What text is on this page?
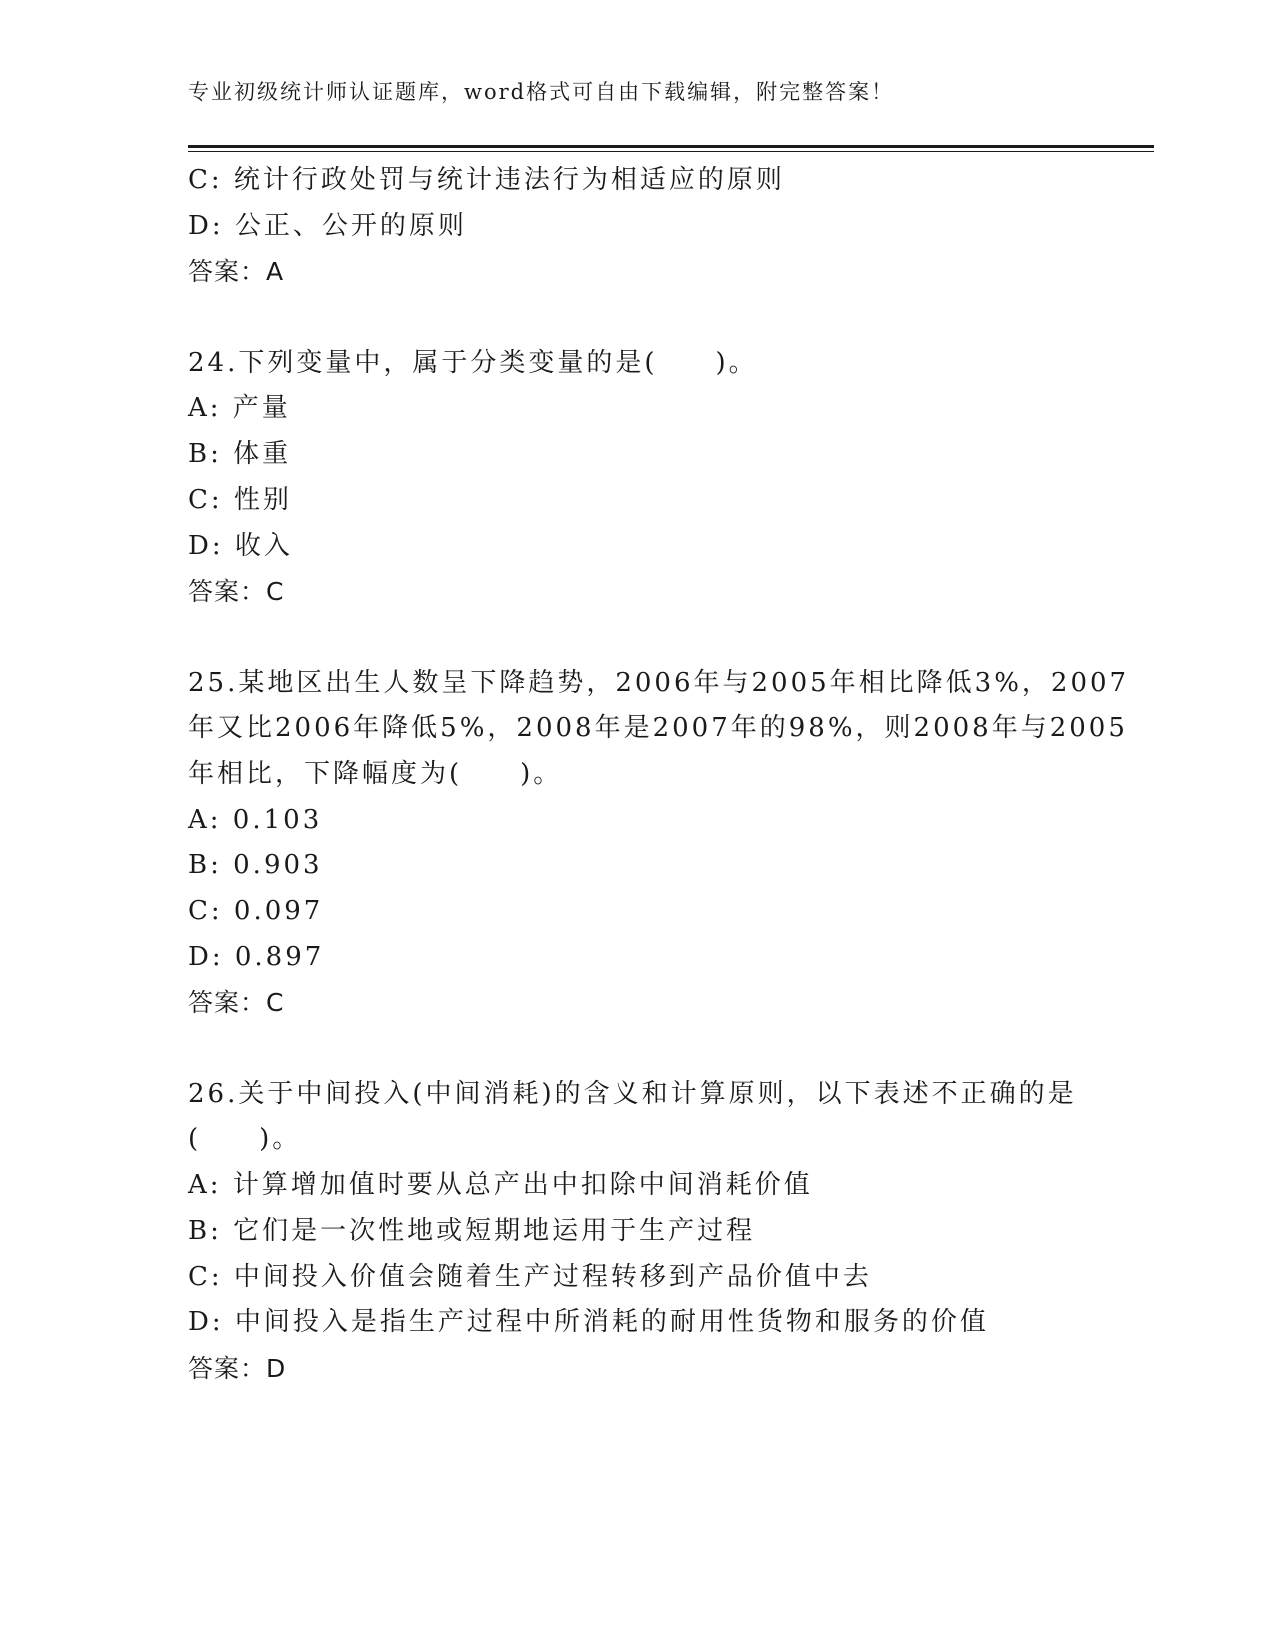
专业初级统计师认证题库，word格式可自由下载编辑，附完整答案！
C: 统计行政处罚与统计违法行为相适应的原则
D: 公正、公开的原则
答案：A
24.下列变量中，属于分类变量的是(　　)。
A: 产量
B: 体重
C: 性别
D: 收入
答案：C
25.某地区出生人数呈下降趋势，2006年与2005年相比降低3%，2007
年又比2006年降低5%，2008年是2007年的98%，则2008年与2005
年相比，下降幅度为(　　)。
A: 0.103
B: 0.903
C: 0.097
D: 0.897
答案：C
26.关于中间投入(中间消耗)的含义和计算原则，以下表述不正确的是
(　　)。
A: 计算增加值时要从总产出中扣除中间消耗价值
B: 它们是一次性地或短期地运用于生产过程
C: 中间投入价值会随着生产过程转移到产品价值中去
D: 中间投入是指生产过程中所消耗的耐用性货物和服务的价值
答案：D
